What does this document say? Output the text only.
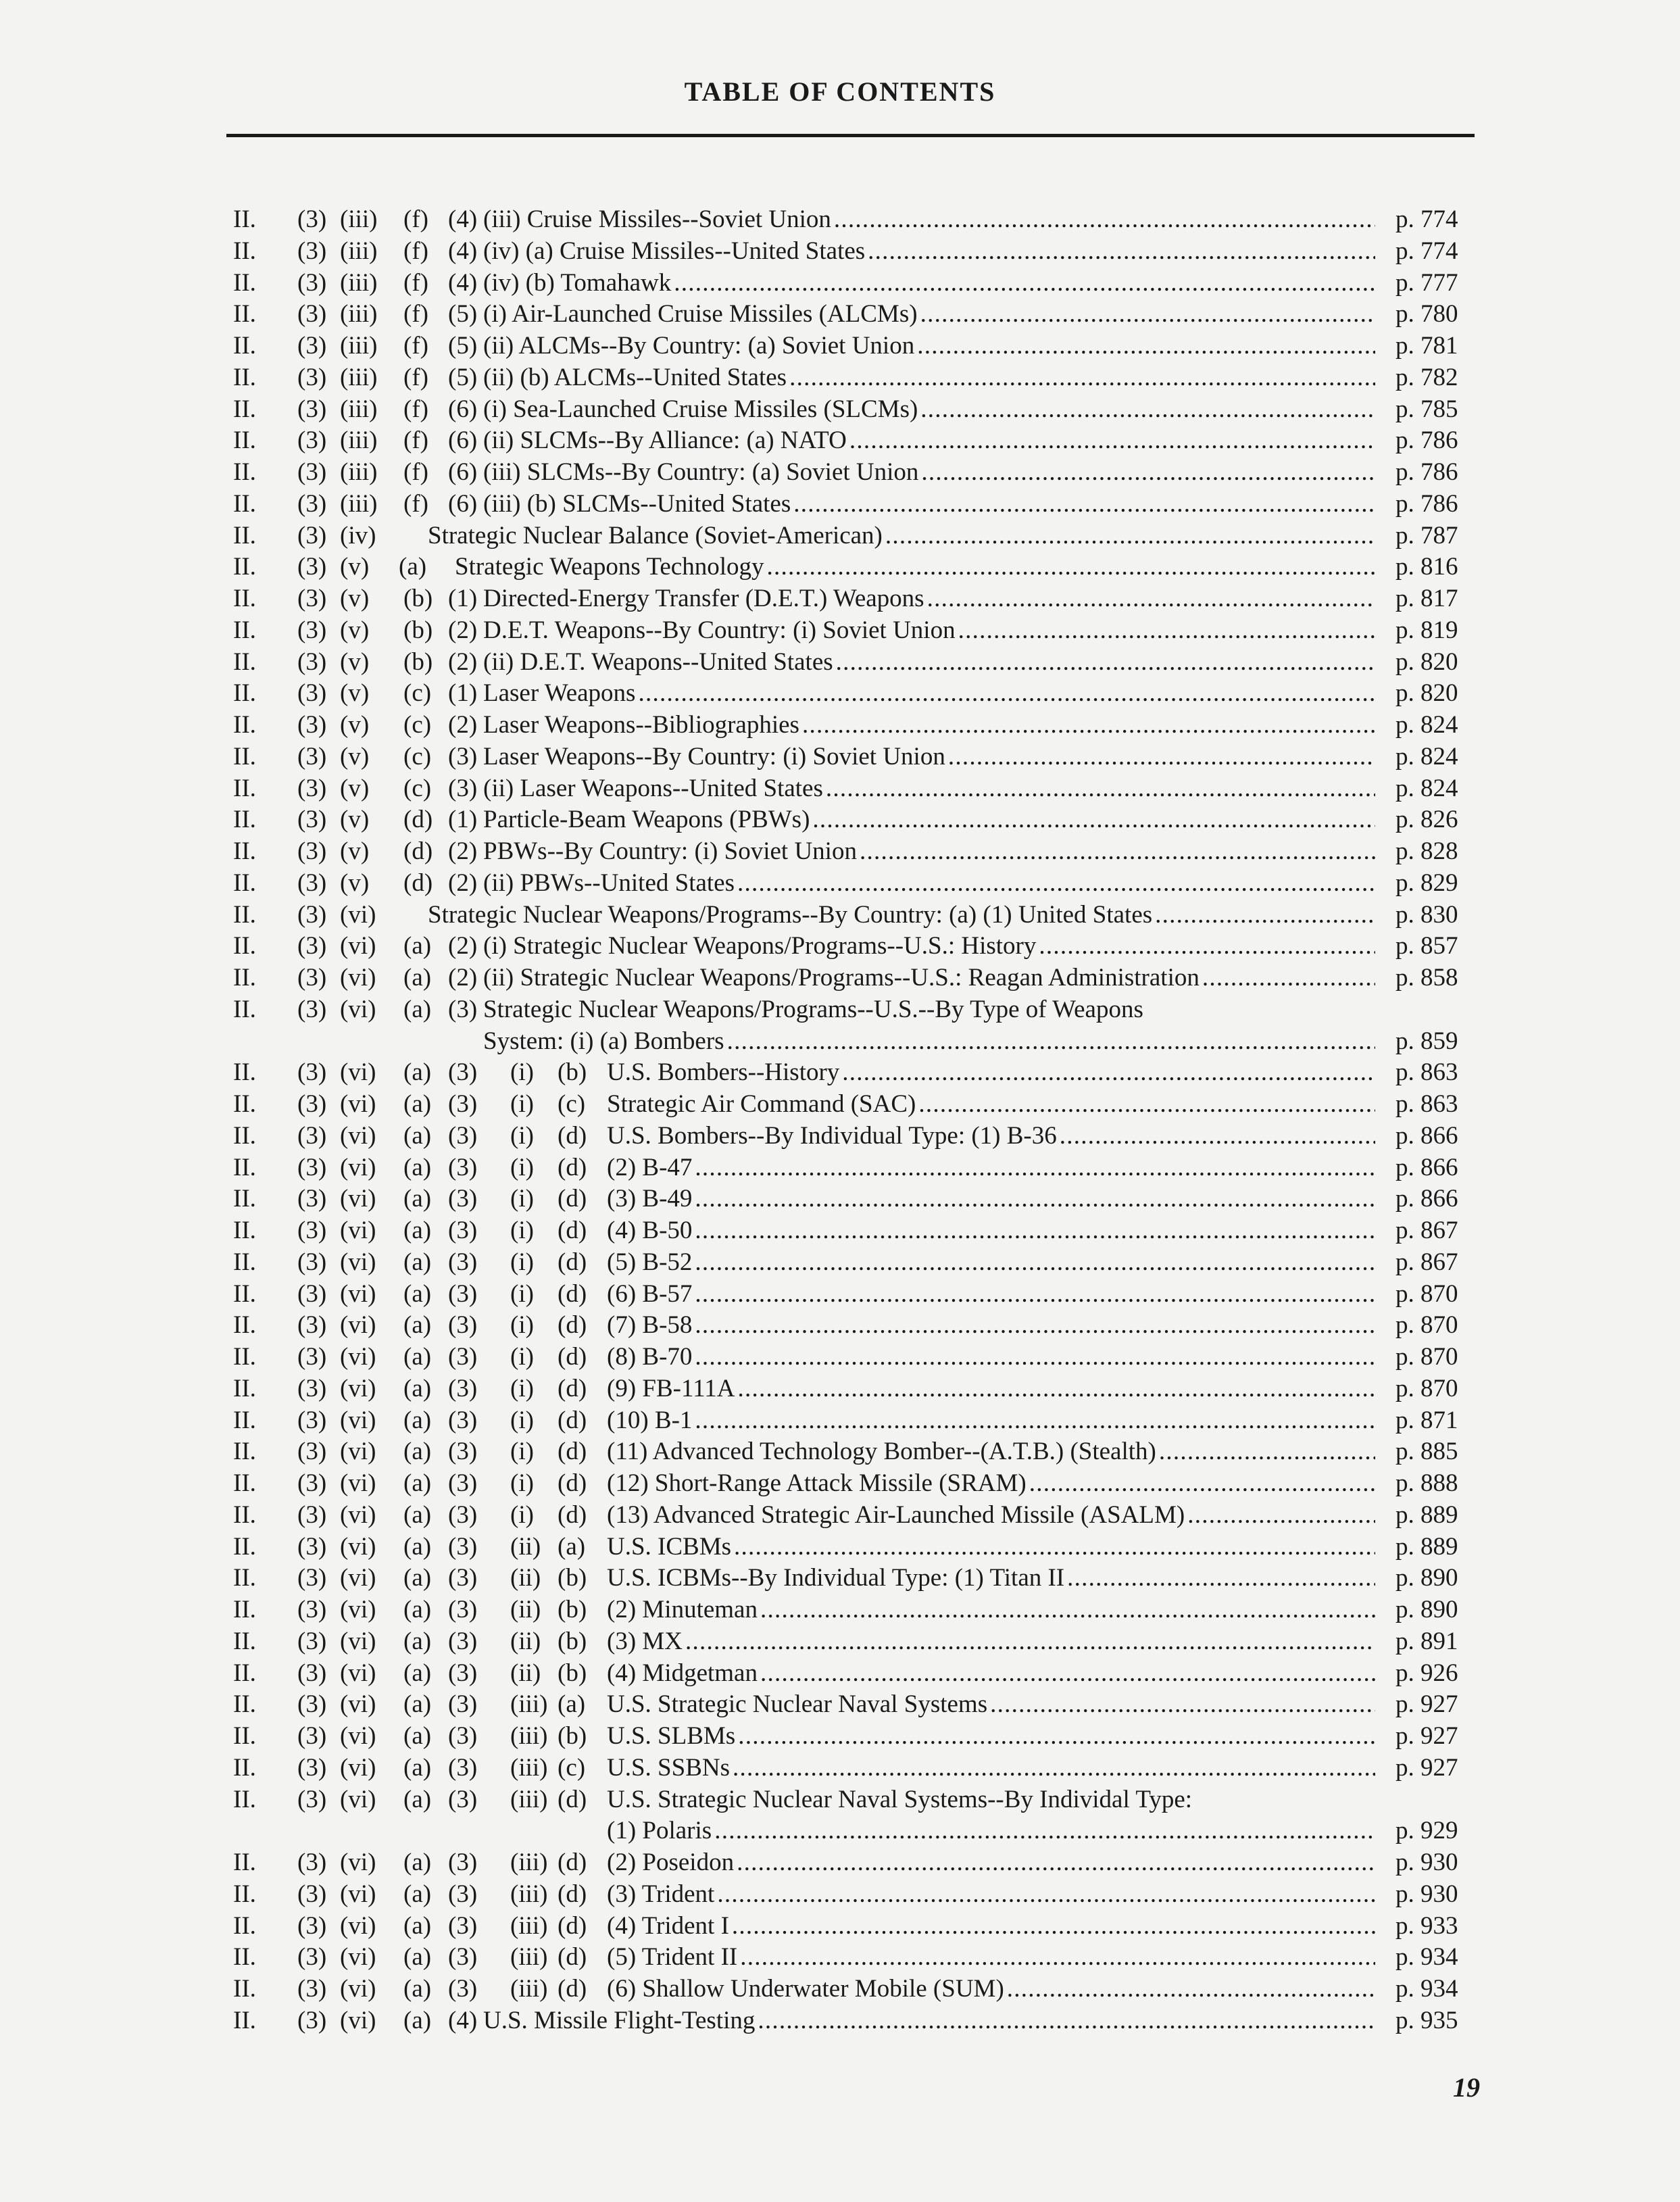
TABLE OF CONTENTS
II. (3) (iii) (f) (4) (iii) Cruise Missiles--Soviet Union . . .	p. 774
II. (3) (iii) (f) (4) (iv) (a) Cruise Missiles--United States . . .	p. 774
II. (3) (iii) (f) (4) (iv) (b) Tomahawk . . .	p. 777
II. (3) (iii) (f) (5) (i) Air-Launched Cruise Missiles (ALCMs) . . .	p. 780
II. (3) (iii) (f) (5) (ii) ALCMs--By Country: (a) Soviet Union . . .	p. 781
II. (3) (iii) (f) (5) (ii) (b) ALCMs--United States . . .	p. 782
II. (3) (iii) (f) (6) (i) Sea-Launched Cruise Missiles (SLCMs) . . .	p. 785
II. (3) (iii) (f) (6) (ii) SLCMs--By Alliance: (a) NATO . . .	p. 786
II. (3) (iii) (f) (6) (iii) SLCMs--By Country: (a) Soviet Union . . .	p. 786
II. (3) (iii) (f) (6) (iii) (b) SLCMs--United States . . .	p. 786
II. (3) (iv) Strategic Nuclear Balance (Soviet-American) . . .	p. 787
II. (3) (v) (a) Strategic Weapons Technology . . .	p. 816
II. (3) (v) (b) (1) Directed-Energy Transfer (D.E.T.) Weapons . . .	p. 817
II. (3) (v) (b) (2) D.E.T. Weapons--By Country: (i) Soviet Union . . .	p. 819
II. (3) (v) (b) (2) (ii) D.E.T. Weapons--United States . . .	p. 820
II. (3) (v) (c) (1) Laser Weapons . . .	p. 820
II. (3) (v) (c) (2) Laser Weapons--Bibliographies . . .	p. 824
II. (3) (v) (c) (3) Laser Weapons--By Country: (i) Soviet Union . . .	p. 824
II. (3) (v) (c) (3) (ii) Laser Weapons--United States . . .	p. 824
II. (3) (v) (d) (1) Particle-Beam Weapons (PBWs) . . .	p. 826
II. (3) (v) (d) (2) PBWs--By Country: (i) Soviet Union . . .	p. 828
II. (3) (v) (d) (2) (ii) PBWs--United States . . .	p. 829
II. (3) (vi) Strategic Nuclear Weapons/Programs--By Country: (a) (1) United States . . .	p. 830
II. (3) (vi) (a) (2) (i) Strategic Nuclear Weapons/Programs--U.S.: History . . .	p. 857
II. (3) (vi) (a) (2) (ii) Strategic Nuclear Weapons/Programs--U.S.: Reagan Administration . . .	p. 858
II. (3) (vi) (a) (3) Strategic Nuclear Weapons/Programs--U.S.--By Type of Weapons
System: (i) (a) Bombers . . .	p. 859
II. (3) (vi) (a) (3) (i) (b) U.S. Bombers--History . . .	p. 863
II. (3) (vi) (a) (3) (i) (c) Strategic Air Command (SAC) . . .	p. 863
II. (3) (vi) (a) (3) (i) (d) U.S. Bombers--By Individual Type: (1) B-36 . . .	p. 866
II. (3) (vi) (a) (3) (i) (d) (2) B-47 . . .	p. 866
II. (3) (vi) (a) (3) (i) (d) (3) B-49 . . .	p. 866
II. (3) (vi) (a) (3) (i) (d) (4) B-50 . . .	p. 867
II. (3) (vi) (a) (3) (i) (d) (5) B-52 . . .	p. 867
II. (3) (vi) (a) (3) (i) (d) (6) B-57 . . .	p. 870
II. (3) (vi) (a) (3) (i) (d) (7) B-58 . . .	p. 870
II. (3) (vi) (a) (3) (i) (d) (8) B-70 . . .	p. 870
II. (3) (vi) (a) (3) (i) (d) (9) FB-111A . . .	p. 870
II. (3) (vi) (a) (3) (i) (d) (10) B-1 . . .	p. 871
II. (3) (vi) (a) (3) (i) (d) (11) Advanced Technology Bomber--(A.T.B.) (Stealth) . . .	p. 885
II. (3) (vi) (a) (3) (i) (d) (12) Short-Range Attack Missile (SRAM) . . .	p. 888
II. (3) (vi) (a) (3) (i) (d) (13) Advanced Strategic Air-Launched Missile (ASALM) . . .	p. 889
II. (3) (vi) (a) (3) (ii) (a) U.S. ICBMs . . .	p. 889
II. (3) (vi) (a) (3) (ii) (b) U.S. ICBMs--By Individual Type: (1) Titan II . . .	p. 890
II. (3) (vi) (a) (3) (ii) (b) (2) Minuteman . . .	p. 890
II. (3) (vi) (a) (3) (ii) (b) (3) MX . . .	p. 891
II. (3) (vi) (a) (3) (ii) (b) (4) Midgetman . . .	p. 926
II. (3) (vi) (a) (3) (iii) (a) U.S. Strategic Nuclear Naval Systems . . .	p. 927
II. (3) (vi) (a) (3) (iii) (b) U.S. SLBMs . . .	p. 927
II. (3) (vi) (a) (3) (iii) (c) U.S. SSBNs . . .	p. 927
II. (3) (vi) (a) (3) (iii) (d) U.S. Strategic Nuclear Naval Systems--By Individal Type:
(1) Polaris . . .	p. 929
II. (3) (vi) (a) (3) (iii) (d) (2) Poseidon . . .	p. 930
II. (3) (vi) (a) (3) (iii) (d) (3) Trident . . .	p. 930
II. (3) (vi) (a) (3) (iii) (d) (4) Trident I . . .	p. 933
II. (3) (vi) (a) (3) (iii) (d) (5) Trident II . . .	p. 934
II. (3) (vi) (a) (3) (iii) (d) (6) Shallow Underwater Mobile (SUM) . . .	p. 934
II. (3) (vi) (a) (4) U.S. Missile Flight-Testing . . .	p. 935
19
